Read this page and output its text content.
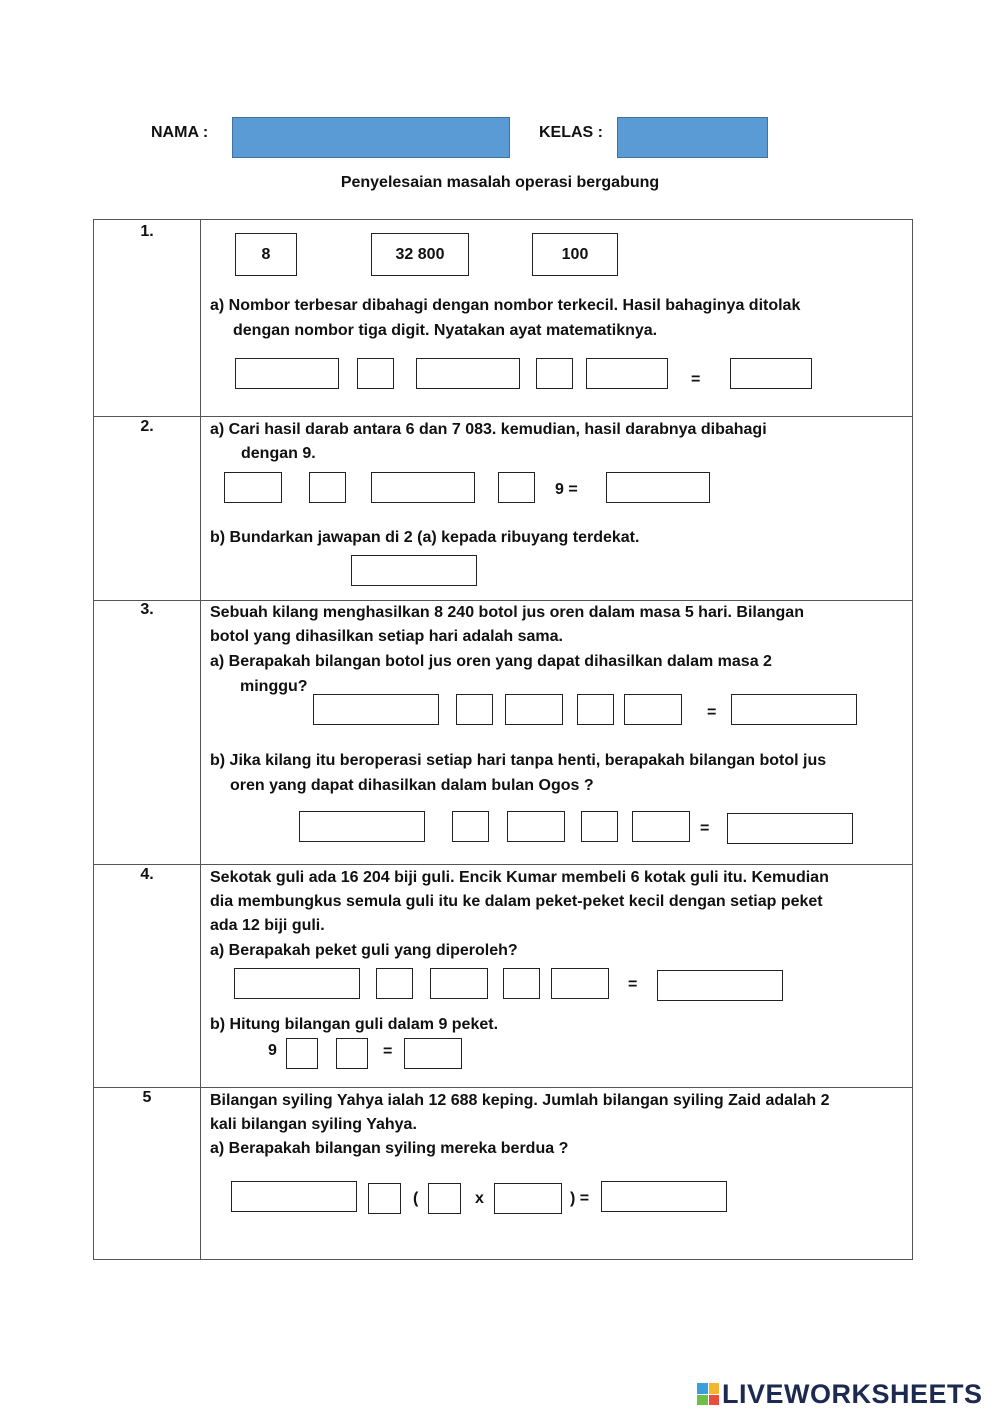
NAMA :	KELAS :
Penyelesaian masalah operasi bergabung
1.
8	32 800	100
a) Nombor terbesar dibahagi dengan nombor terkecil. Hasil bahaginya ditolak
dengan nombor tiga digit. Nyatakan ayat matematiknya.
=
2.	a) Cari hasil darab antara 6 dan 7 083. kemudian, hasil darabnya dibahagi
dengan 9.
9 =
b) Bundarkan jawapan di 2 (a) kepada ribuyang terdekat.
3.	Sebuah kilang menghasilkan 8 240 botol jus oren dalam masa 5 hari. Bilangan
botol yang dihasilkan setiap hari adalah sama.
a) Berapakah bilangan botol jus oren yang dapat dihasilkan dalam masa 2
minggu?
=
b) Jika kilang itu beroperasi setiap hari tanpa henti, berapakah bilangan botol jus
oren yang dapat dihasilkan dalam bulan Ogos ?
=
4.	Sekotak guli ada 16 204 biji guli. Encik Kumar membeli 6 kotak guli itu. Kemudian
dia membungkus semula guli itu ke dalam peket-peket kecil dengan setiap peket
ada 12 biji guli.
a) Berapakah peket guli yang diperoleh?
=
b) Hitung bilangan guli dalam 9 peket.
9	=
5	Bilangan syiling Yahya ialah 12 688 keping. Jumlah bilangan syiling Zaid adalah 2
kali bilangan syiling Yahya.
a) Berapakah bilangan syiling mereka berdua ?
(	x	) =
LIVEWORKSHEETS
